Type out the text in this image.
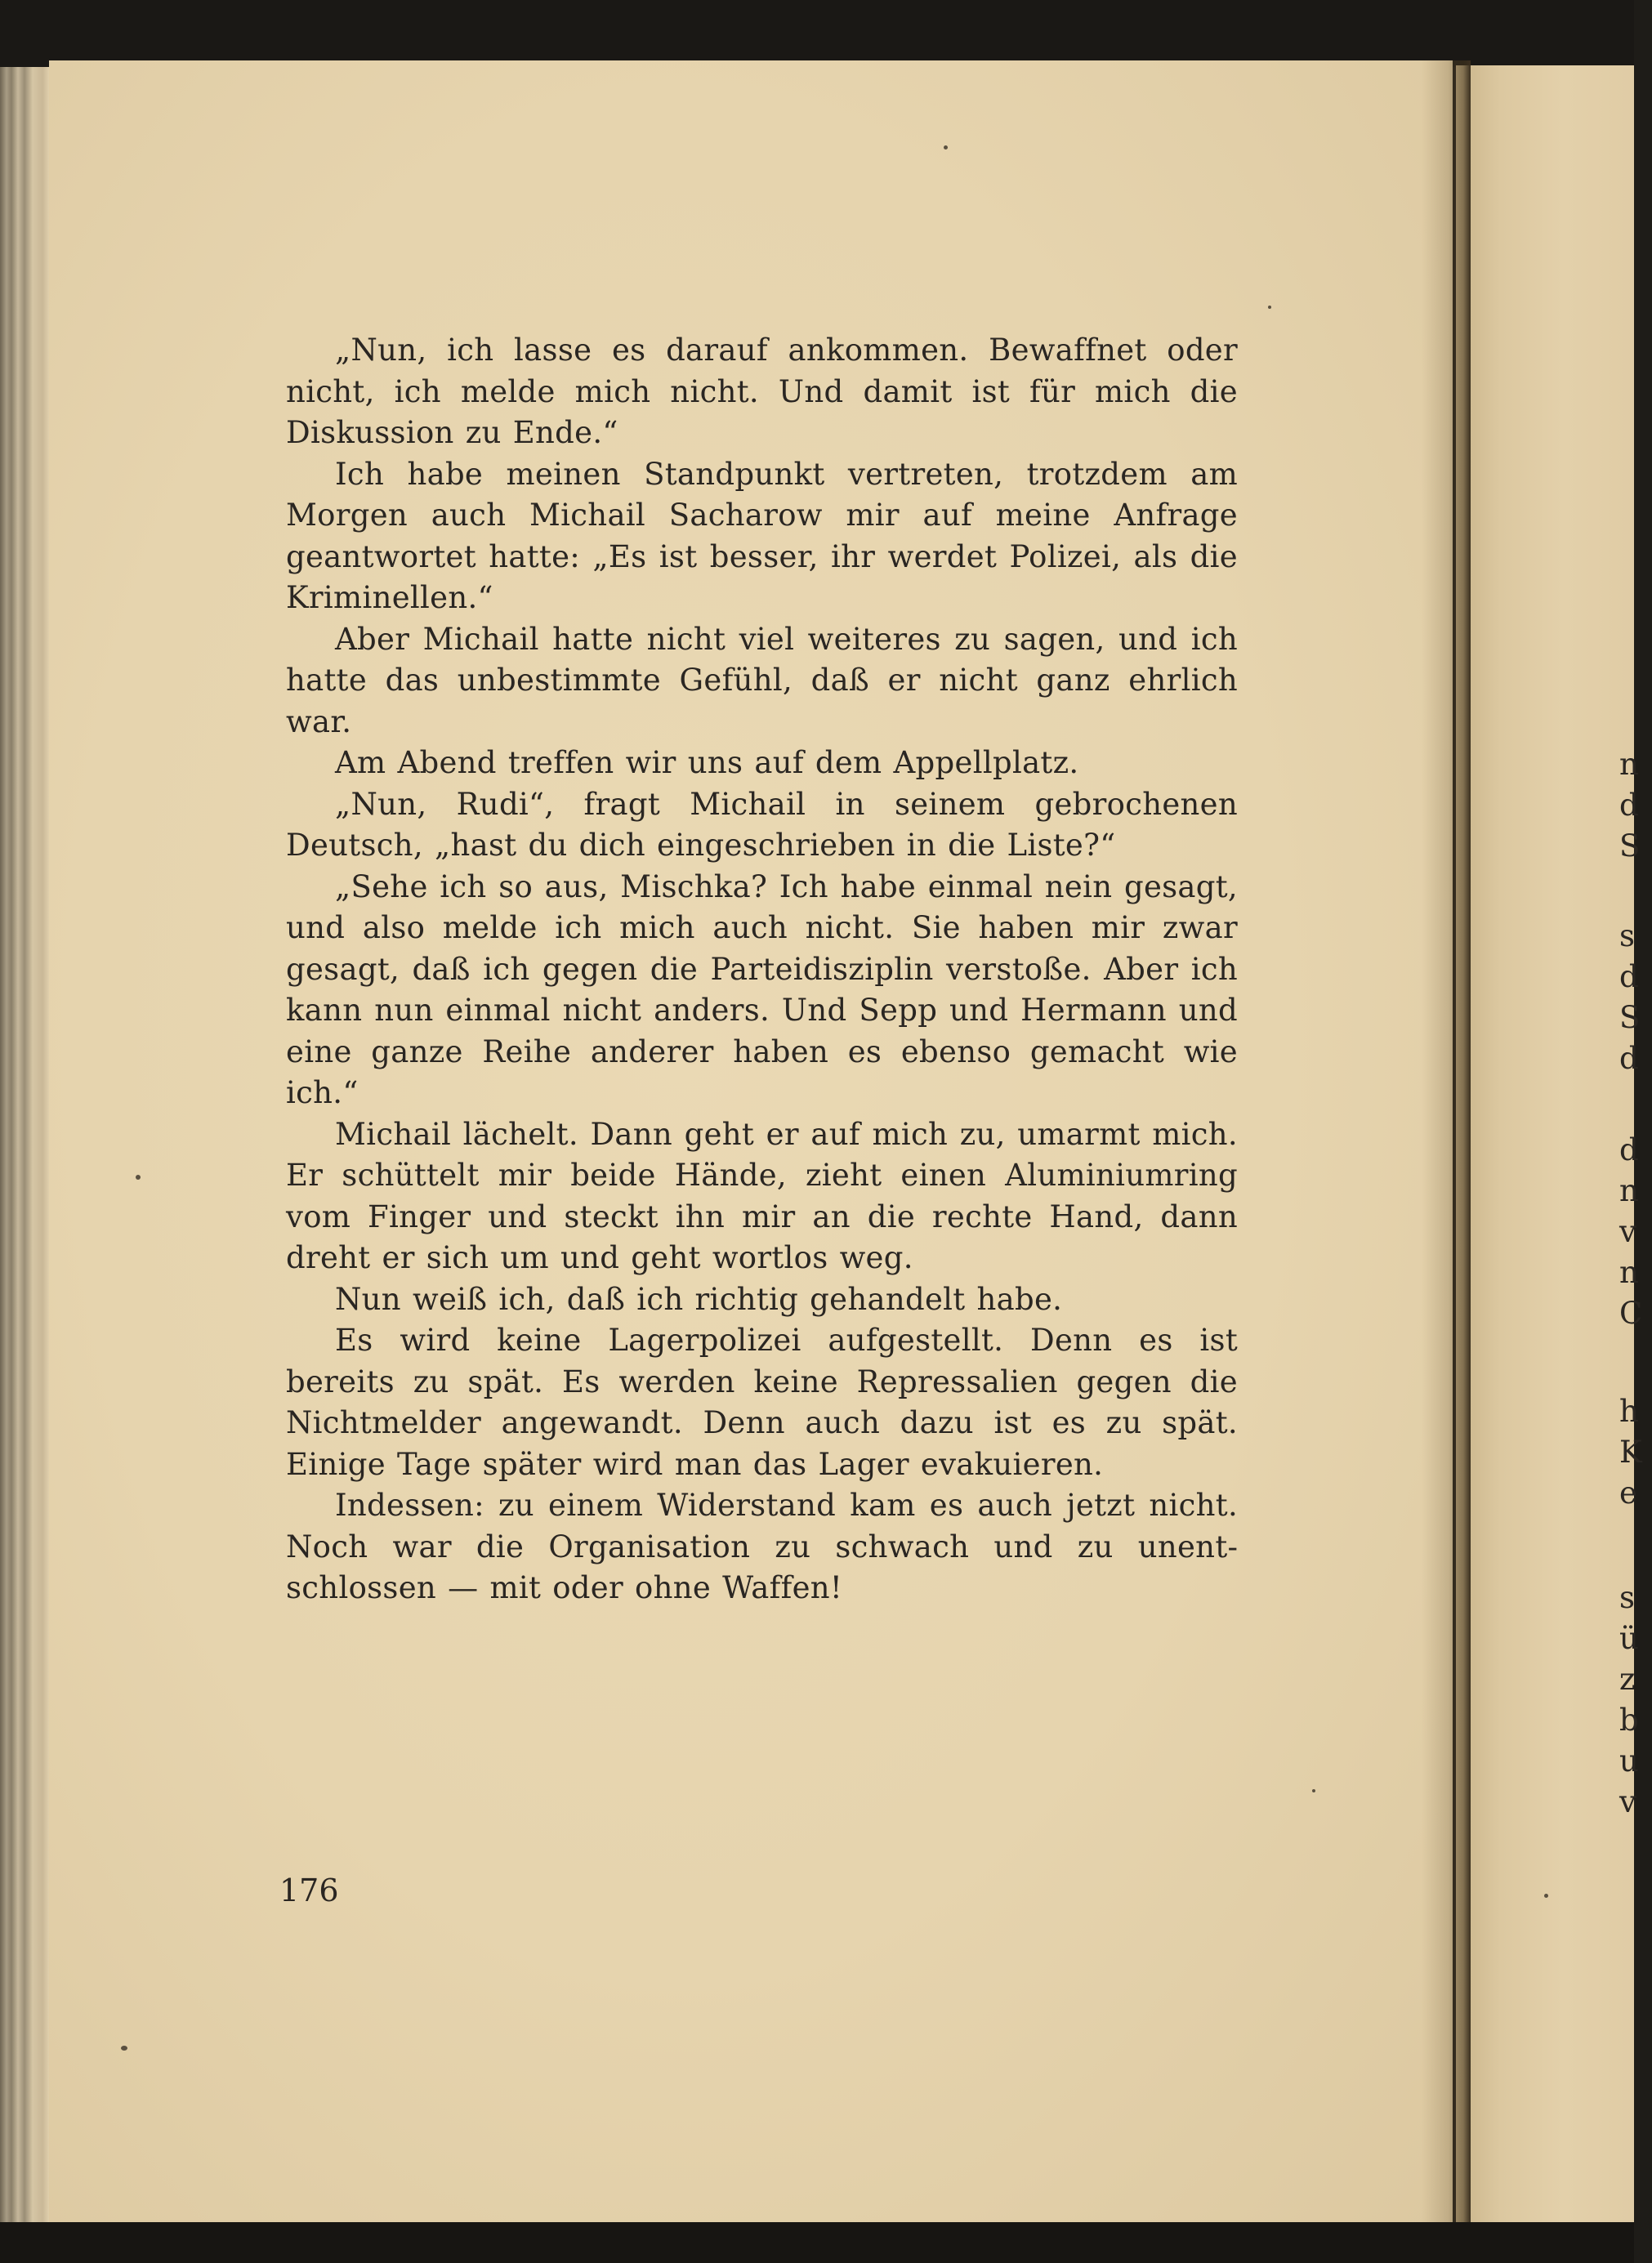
„Nun, ich lasse es darauf ankommen. Bewaffnet oder nicht, ich melde mich nicht. Und damit ist für mich die Diskussion zu Ende.“

Ich habe meinen Standpunkt vertreten, trotzdem am Morgen auch Michail Sacharow mir auf meine Anfrage geantwortet hatte: „Es ist besser, ihr werdet Polizei, als die Kriminellen.“

Aber Michail hatte nicht viel weiteres zu sagen, und ich hatte das unbestimmte Gefühl, daß er nicht ganz ehrlich war.

Am Abend treffen wir uns auf dem Appellplatz.

„Nun, Rudi“, fragt Michail in seinem gebrochenen Deutsch, „hast du dich eingeschrieben in die Liste?“

„Sehe ich so aus, Mischka? Ich habe einmal nein gesagt, und also melde ich mich auch nicht. Sie haben mir zwar gesagt, daß ich gegen die Parteidisziplin verstoße. Aber ich kann nun einmal nicht anders. Und Sepp und Hermann und eine ganze Reihe anderer haben es ebenso gemacht wie ich.“

Michail lächelt. Dann geht er auf mich zu, umarmt mich. Er schüttelt mir beide Hände, zieht einen Aluminiumring vom Finger und steckt ihn mir an die rechte Hand, dann dreht er sich um und geht wortlos weg.

Nun weiß ich, daß ich richtig gehandelt habe.

Es wird keine Lagerpolizei aufgestellt. Denn es ist bereits zu spät. Es werden keine Repressalien gegen die Nichtmelder angewandt. Denn auch dazu ist es zu spät. Einige Tage später wird man das Lager evakuieren.

Indessen: zu einem Widerstand kam es auch jetzt nicht. Noch war die Organisation zu schwach und zu unentschlossen — mit oder ohne Waffen!

176
n
d
S
s
d
S
d
d
n
v
n
C
h
K
e
s
ü
z
b
u
v
